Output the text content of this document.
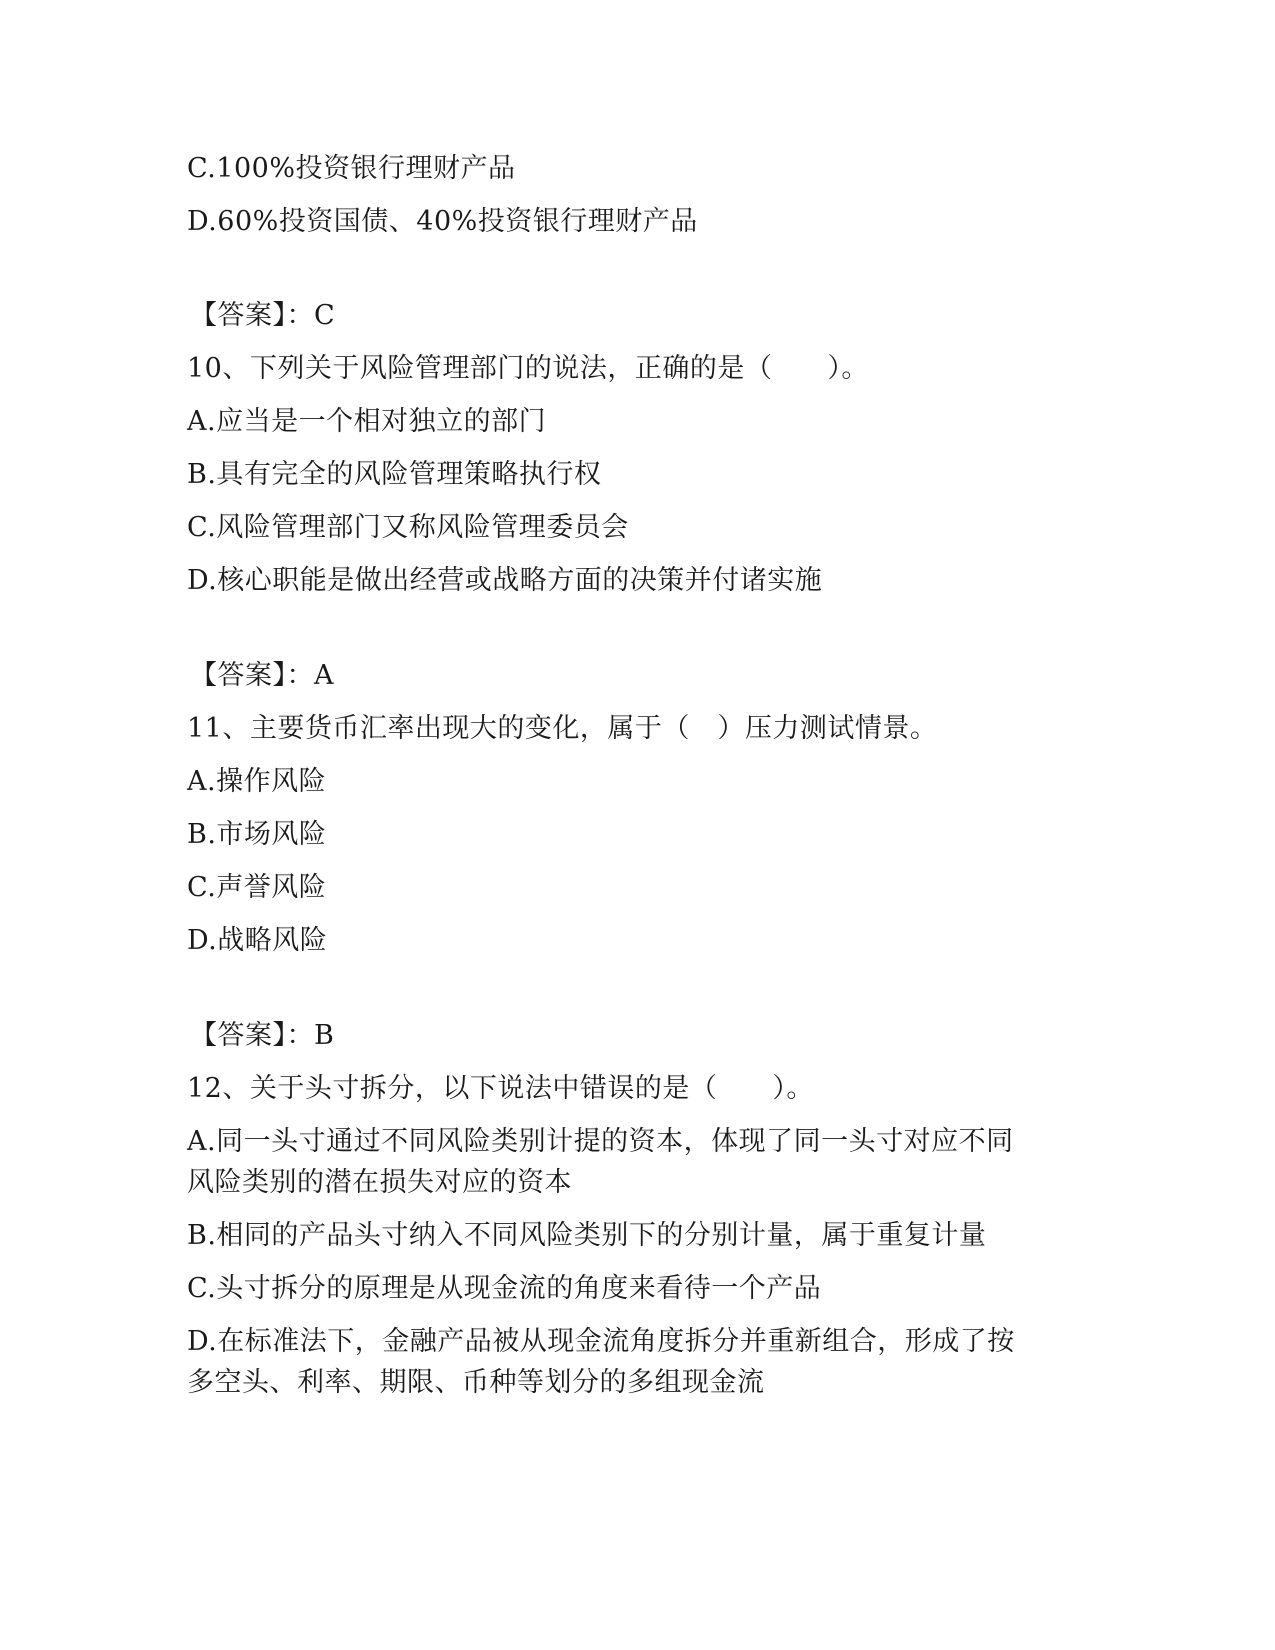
C.100%投资银行理财产品
D.60%投资国债、40%投资银行理财产品
【答案】：C
10、下列关于风险管理部门的说法，正确的是（　　）。
A.应当是一个相对独立的部门
B.具有完全的风险管理策略执行权
C.风险管理部门又称风险管理委员会
D.核心职能是做出经营或战略方面的决策并付诸实施
【答案】：A
11、主要货币汇率出现大的变化，属于（　）压力测试情景。
A.操作风险
B.市场风险
C.声誉风险
D.战略风险
【答案】：B
12、关于头寸拆分，以下说法中错误的是（　　）。
A.同一头寸通过不同风险类别计提的资本，体现了同一头寸对应不同
风险类别的潜在损失对应的资本
B.相同的产品头寸纳入不同风险类别下的分别计量，属于重复计量
C.头寸拆分的原理是从现金流的角度来看待一个产品
D.在标准法下，金融产品被从现金流角度拆分并重新组合，形成了按
多空头、利率、期限、币种等划分的多组现金流
